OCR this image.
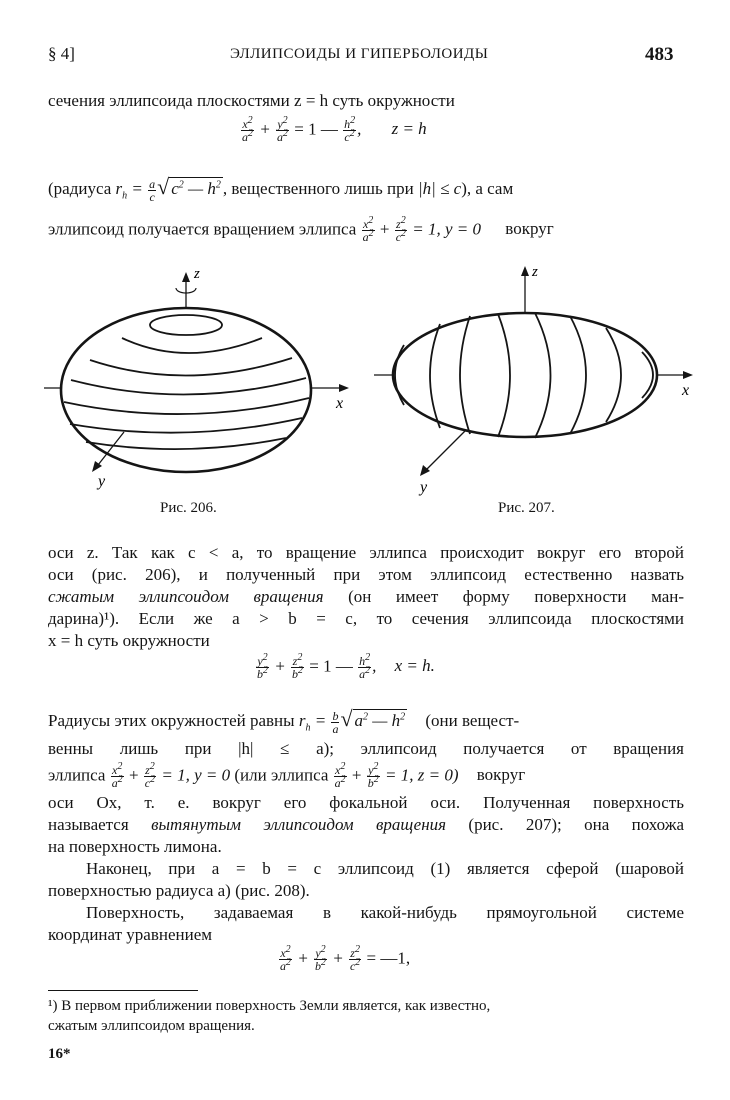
§ 4]	ЭЛЛИПСОИДЫ И ГИПЕРБОЛОИДЫ	483
сечения эллипсоида плоскостями z = h суть окружности
$\frac{x^2}{a^2} + \frac{y^2}{a^2} = 1$ — $\frac{h^2}{c^2}$ , z = h
(радиуса $r_h = \frac{a}{c}$ √ $c^2$ — $h^2$ , вещественного лишь при |h| ≤ c), а сам
эллипсоид получается вращением эллипса $\frac{x^2}{a^2} + \frac{z^2}{c^2} = 1$, y = 0 вокруг
z
x
y
Рис. 206.
z
x
y
Рис. 207.
оси z. Так как c < a, то вращение эллипса происходит вокруг его второй
оси (рис. 206), и полученный при этом эллипсоид естественно назвать
сжатым эллипсоидом вращения (он имеет форму поверхности ман-
дарина)¹). Если же a > b = c, то сечения эллипсоида плоскостями
x = h суть окружности
$\frac{y^2}{b^2} + \frac{z^2}{b^2} = 1$ — $\frac{h^2}{a^2}$ , x = h.
Радиусы этих окружностей равны $r_h = \frac{b}{a}$ √ $a^2$ — $h^2$ (они вещест-
венны лишь при |h| ≤ a); эллипсоид получается от вращения
эллипса $\frac{x^2}{a^2} + \frac{z^2}{c^2} = 1$, y = 0 (или эллипса $\frac{x^2}{a^2} + \frac{y^2}{b^2} = 1$, z = 0) вокруг
оси Ox, т. е. вокруг его фокальной оси. Полученная поверхность
называется вытянутым эллипсоидом вращения (рис. 207); она похожа
на поверхность лимона.
Наконец, при a = b = c эллипсоид (1) является сферой (шаровой
поверхностью радиуса a) (рис. 208).
Поверхность, задаваемая в какой-нибудь прямоугольной системе
координат уравнением
$\frac{x^2}{a^2} + \frac{y^2}{b^2} + \frac{z^2}{c^2}$ = —1,
¹) В первом приближении поверхность Земли является, как известно,
сжатым эллипсоидом вращения.
16*
